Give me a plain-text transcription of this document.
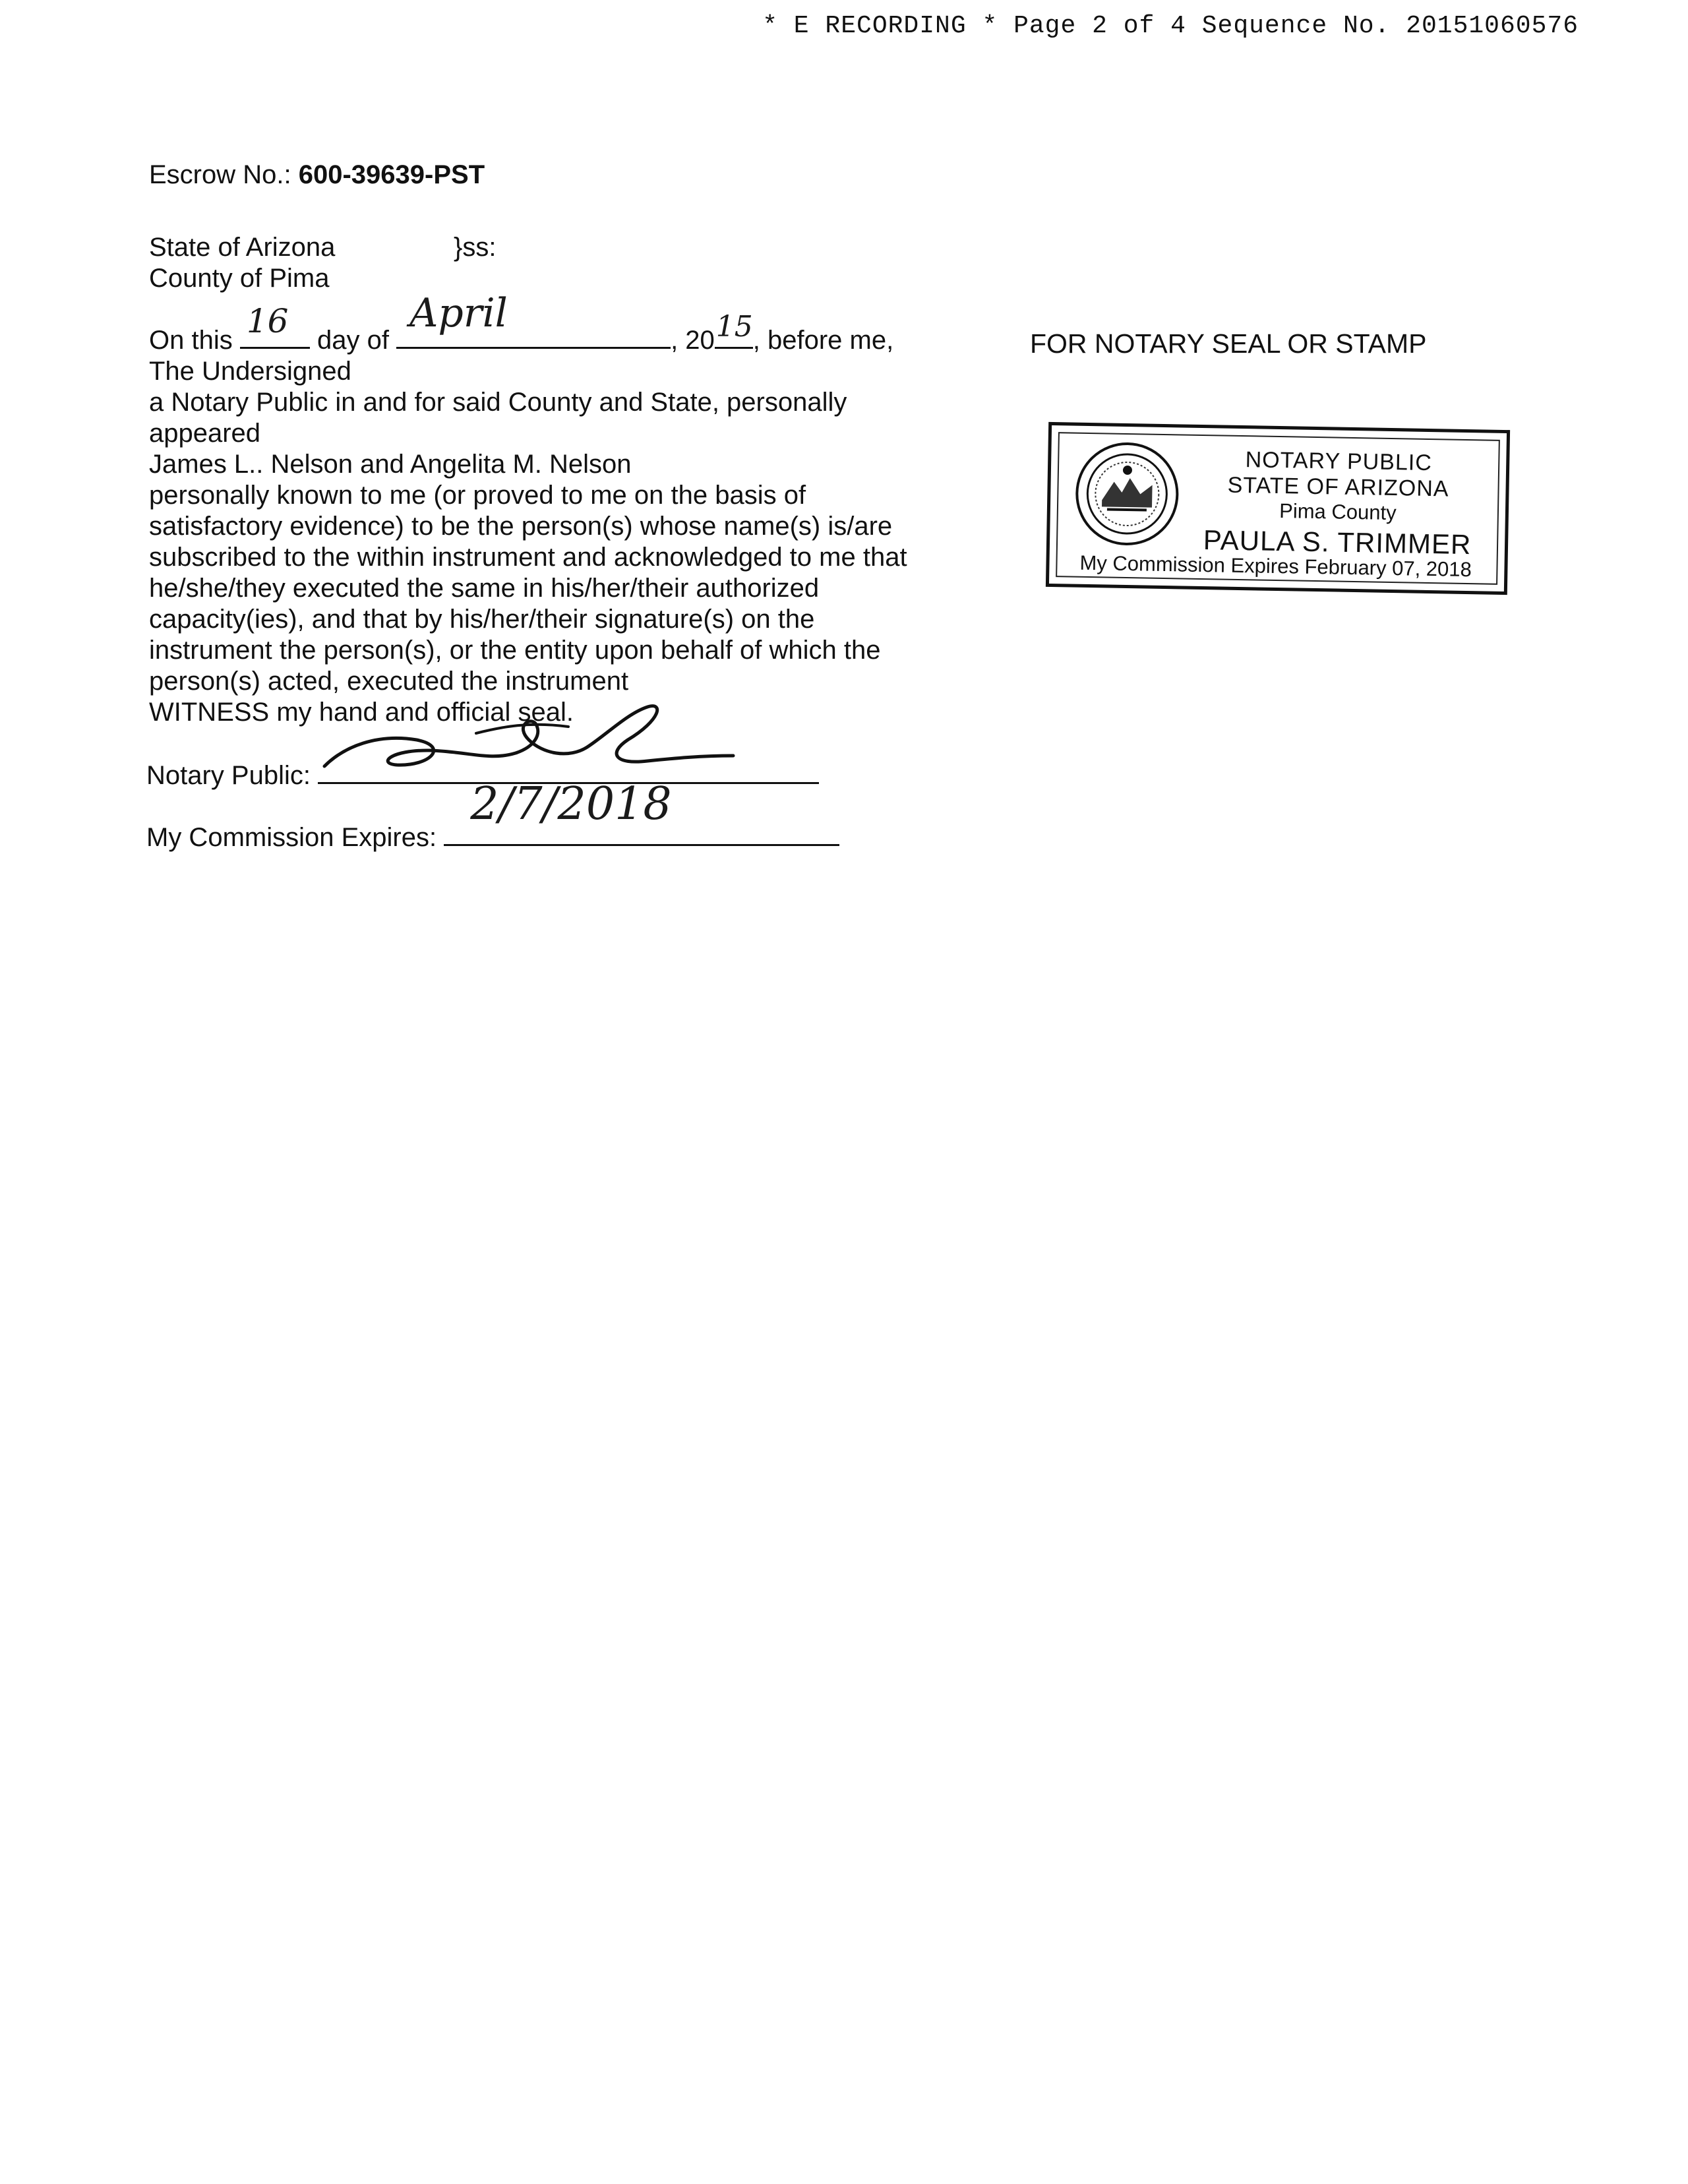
* E RECORDING * Page 2 of 4 Sequence No. 20151060576
Escrow No.: 600-39639-PST
State of Arizona	}ss:
County of Pima
On this 16 day of
April
, 20 15 , before me,
The Undersigned
a Notary Public in and for said County and State, personally
appeared
James L.. Nelson and Angelita M. Nelson
personally known to me (or proved to me on the basis of
satisfactory evidence) to be the person(s) whose name(s) is/are
subscribed to the within instrument and acknowledged to me that
he/she/they executed the same in his/her/their authorized
capacity(ies), and that by his/her/their signature(s) on the
instrument the person(s), or the entity upon behalf of which the
person(s) acted, executed the instrument
WITNESS my hand and official seal.
Notary Public:
My Commission Expires:
2/7/2018
FOR NOTARY SEAL OR STAMP
NOTARY PUBLIC
STATE OF ARIZONA
Pima County
PAULA S. TRIMMER
My Commission Expires February 07, 2018
